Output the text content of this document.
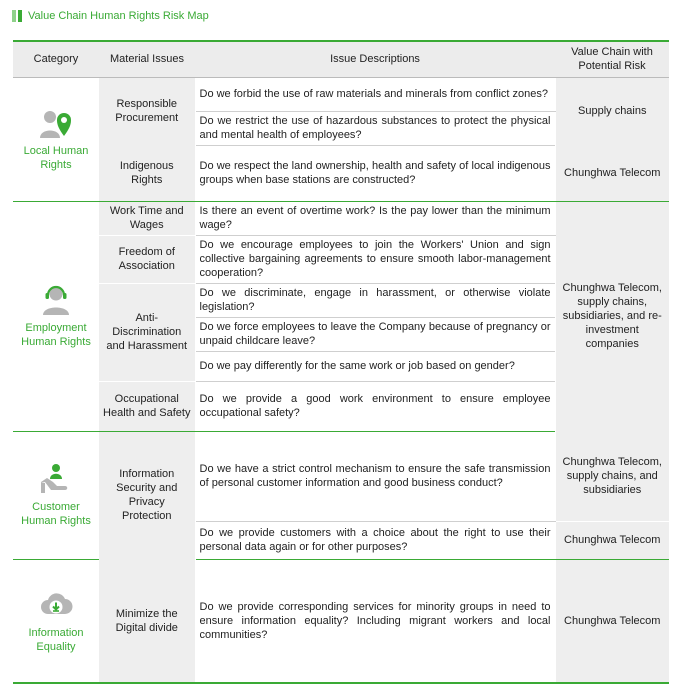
Value Chain Human Rights Risk Map
Category	Material Issues	Issue Descriptions	Value Chain with Potential Risk

Local Human Rights	Responsible Procurement	Do we forbid the use of raw materials and minerals from conflict zones?	Supply chains
		Do we restrict the use of hazardous substances to protect the physical and mental health of employees?	
	Indigenous Rights	Do we respect the land ownership, health and safety of local indigenous groups when base stations are constructed?	Chunghwa Telecom

Employment Human Rights	Work Time and Wages	Is there an event of overtime work? Is the pay lower than the minimum wage?	Chunghwa Telecom, supply chains, subsidiaries, and re-investment companies
	Freedom of Association	Do we encourage employees to join the Workers' Union and sign collective bargaining agreements to ensure smooth labor-management cooperation?	
	Anti-Discrimination and Harassment	Do we discriminate, engage in harassment, or otherwise violate legislation?	
		Do we force employees to leave the Company because of pregnancy or unpaid childcare leave?	
		Do we pay differently for the same work or job based on gender?	
	Occupational Health and Safety	Do we provide a good work environment to ensure employee occupational safety?	

Customer Human Rights	Information Security and Privacy Protection	Do we have a strict control mechanism to ensure the safe transmission of personal customer information and good business conduct?	Chunghwa Telecom, supply chains, and subsidiaries
		Do we provide customers with a choice about the right to use their personal data again or for other purposes?	Chunghwa Telecom

Information Equality	Minimize the Digital divide	Do we provide corresponding services for minority groups in need to ensure information equality? Including migrant workers and local communities?	Chunghwa Telecom
